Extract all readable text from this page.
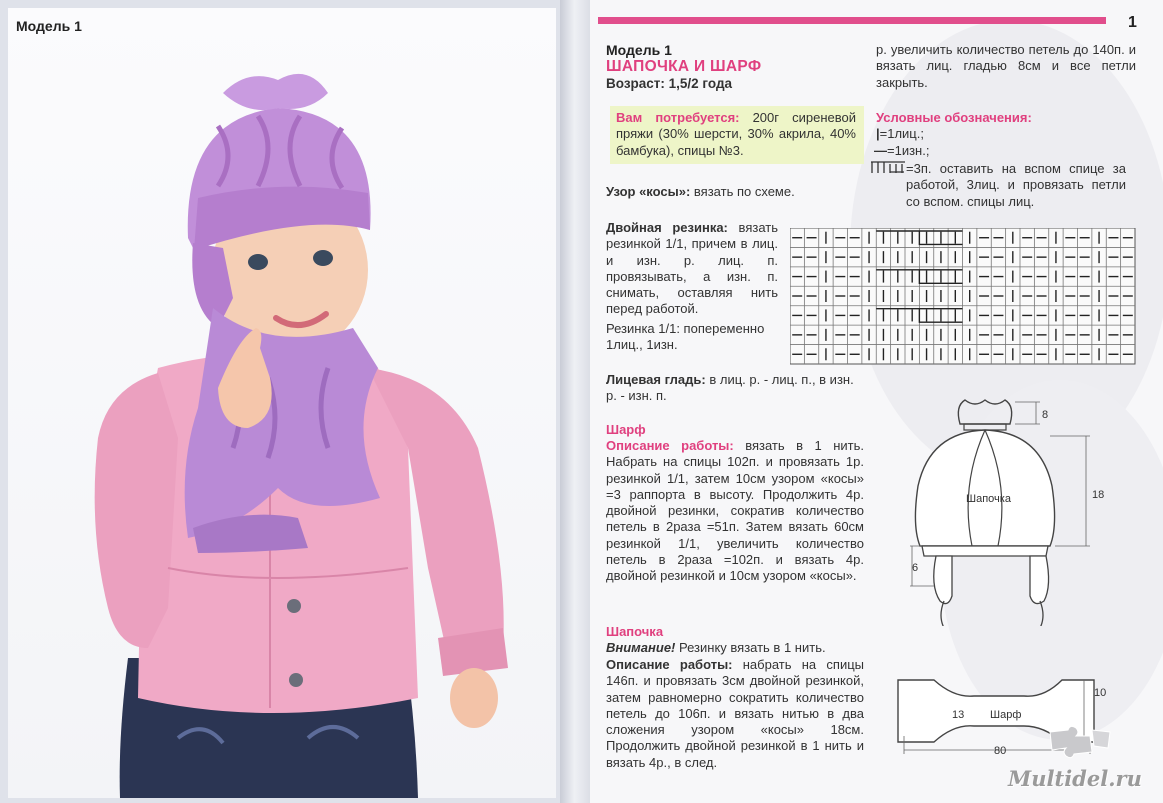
Модель 1	1
Модель 1
ШАПОЧКА И ШАРФ
Возраст: 1,5/2 года
Вам потребуется: 200г сиреневой пряжи (30% шерсти, 30% акрила, 40% бамбука), спицы №3.
Узор «косы»: вязать по схеме.
Двойная резинка: вязать резинкой 1/1, причем в лиц. и изн. р. лиц. п. провязывать, а изн. п. снимать, оставляя нить перед работой.
Резинка 1/1: попеременно 1лиц., 1изн.
Лицевая гладь: в лиц. р. - лиц. п., в изн. р. - изн. п.
Шарф
Описание работы: вязать в 1 нить. Набрать на спицы 102п. и провязать 1р. резинкой 1/1, затем 10см узором «косы» =3 раппорта в высоту. Продолжить 4р. двойной резинки, сократив количество петель в 2раза =51п. Затем вязать 60см резинкой 1/1, увеличить количество петель в 2раза =102п. и вязать 4р. двойной резинкой и 10см узором «косы».
Шапочка
Внимание! Резинку вязать в 1 нить.
Описание работы: набрать на спицы 146п. и провязать 3см двойной резинкой, затем равномерно сократить количество петель до 106п. и вязать нитью в два сложения узором «косы» 18см. Продолжить двойной резинкой в 1 нить и вязать 4р., в след.
р. увеличить количество петель до 140п. и вязать лиц. гладью 8см и все петли закрыть.
Условные обозначения:
|=1лиц.;
—=1изн.;
=3п. оставить на вспом спице за работой, 3лиц. и провязать петли со вспом. спицы лиц.
8
18
6
Шапочка
13
10
80
Шарф
Multidel.ru
